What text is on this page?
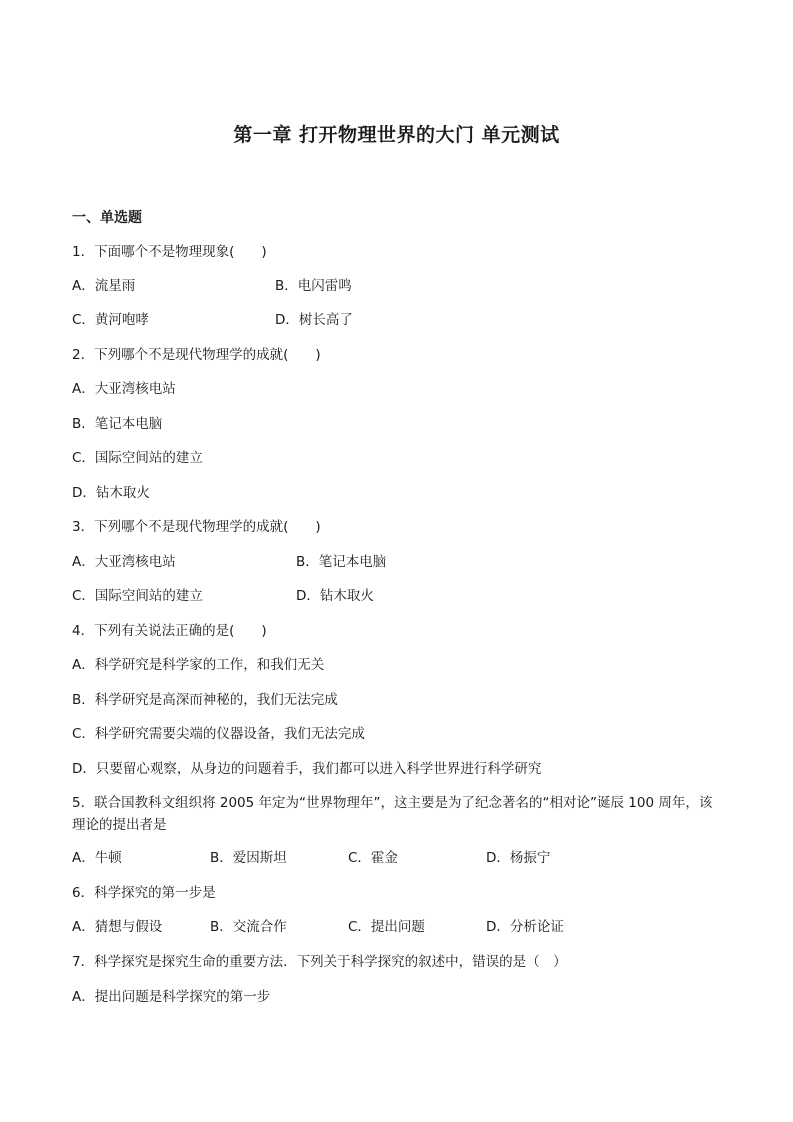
第一章 打开物理世界的大门 单元测试
一、单选题
1．下面哪个不是物理现象(　　)
A．流星雨	B．电闪雷鸣
C．黄河咆哮	D．树长高了
2．下列哪个不是现代物理学的成就(　　)
A．大亚湾核电站
B．笔记本电脑
C．国际空间站的建立
D．钻木取火
3．下列哪个不是现代物理学的成就(　　)
A．大亚湾核电站	B．笔记本电脑
C．国际空间站的建立	D．钻木取火
4．下列有关说法正确的是(　　)
A．科学研究是科学家的工作，和我们无关
B．科学研究是高深而神秘的，我们无法完成
C．科学研究需要尖端的仪器设备，我们无法完成
D．只要留心观察，从身边的问题着手，我们都可以进入科学世界进行科学研究
5．联合国教科文组织将 2005 年定为“世界物理年”，这主要是为了纪念著名的“相对论”诞辰 100 周年，该理论的提出者是
A．牛顿	B．爱因斯坦	C．霍金	D．杨振宁
6．科学探究的第一步是
A．猜想与假设	B．交流合作	C．提出问题	D．分析论证
7．科学探究是探究生命的重要方法．下列关于科学探究的叙述中，错误的是（　）
A．提出问题是科学探究的第一步
